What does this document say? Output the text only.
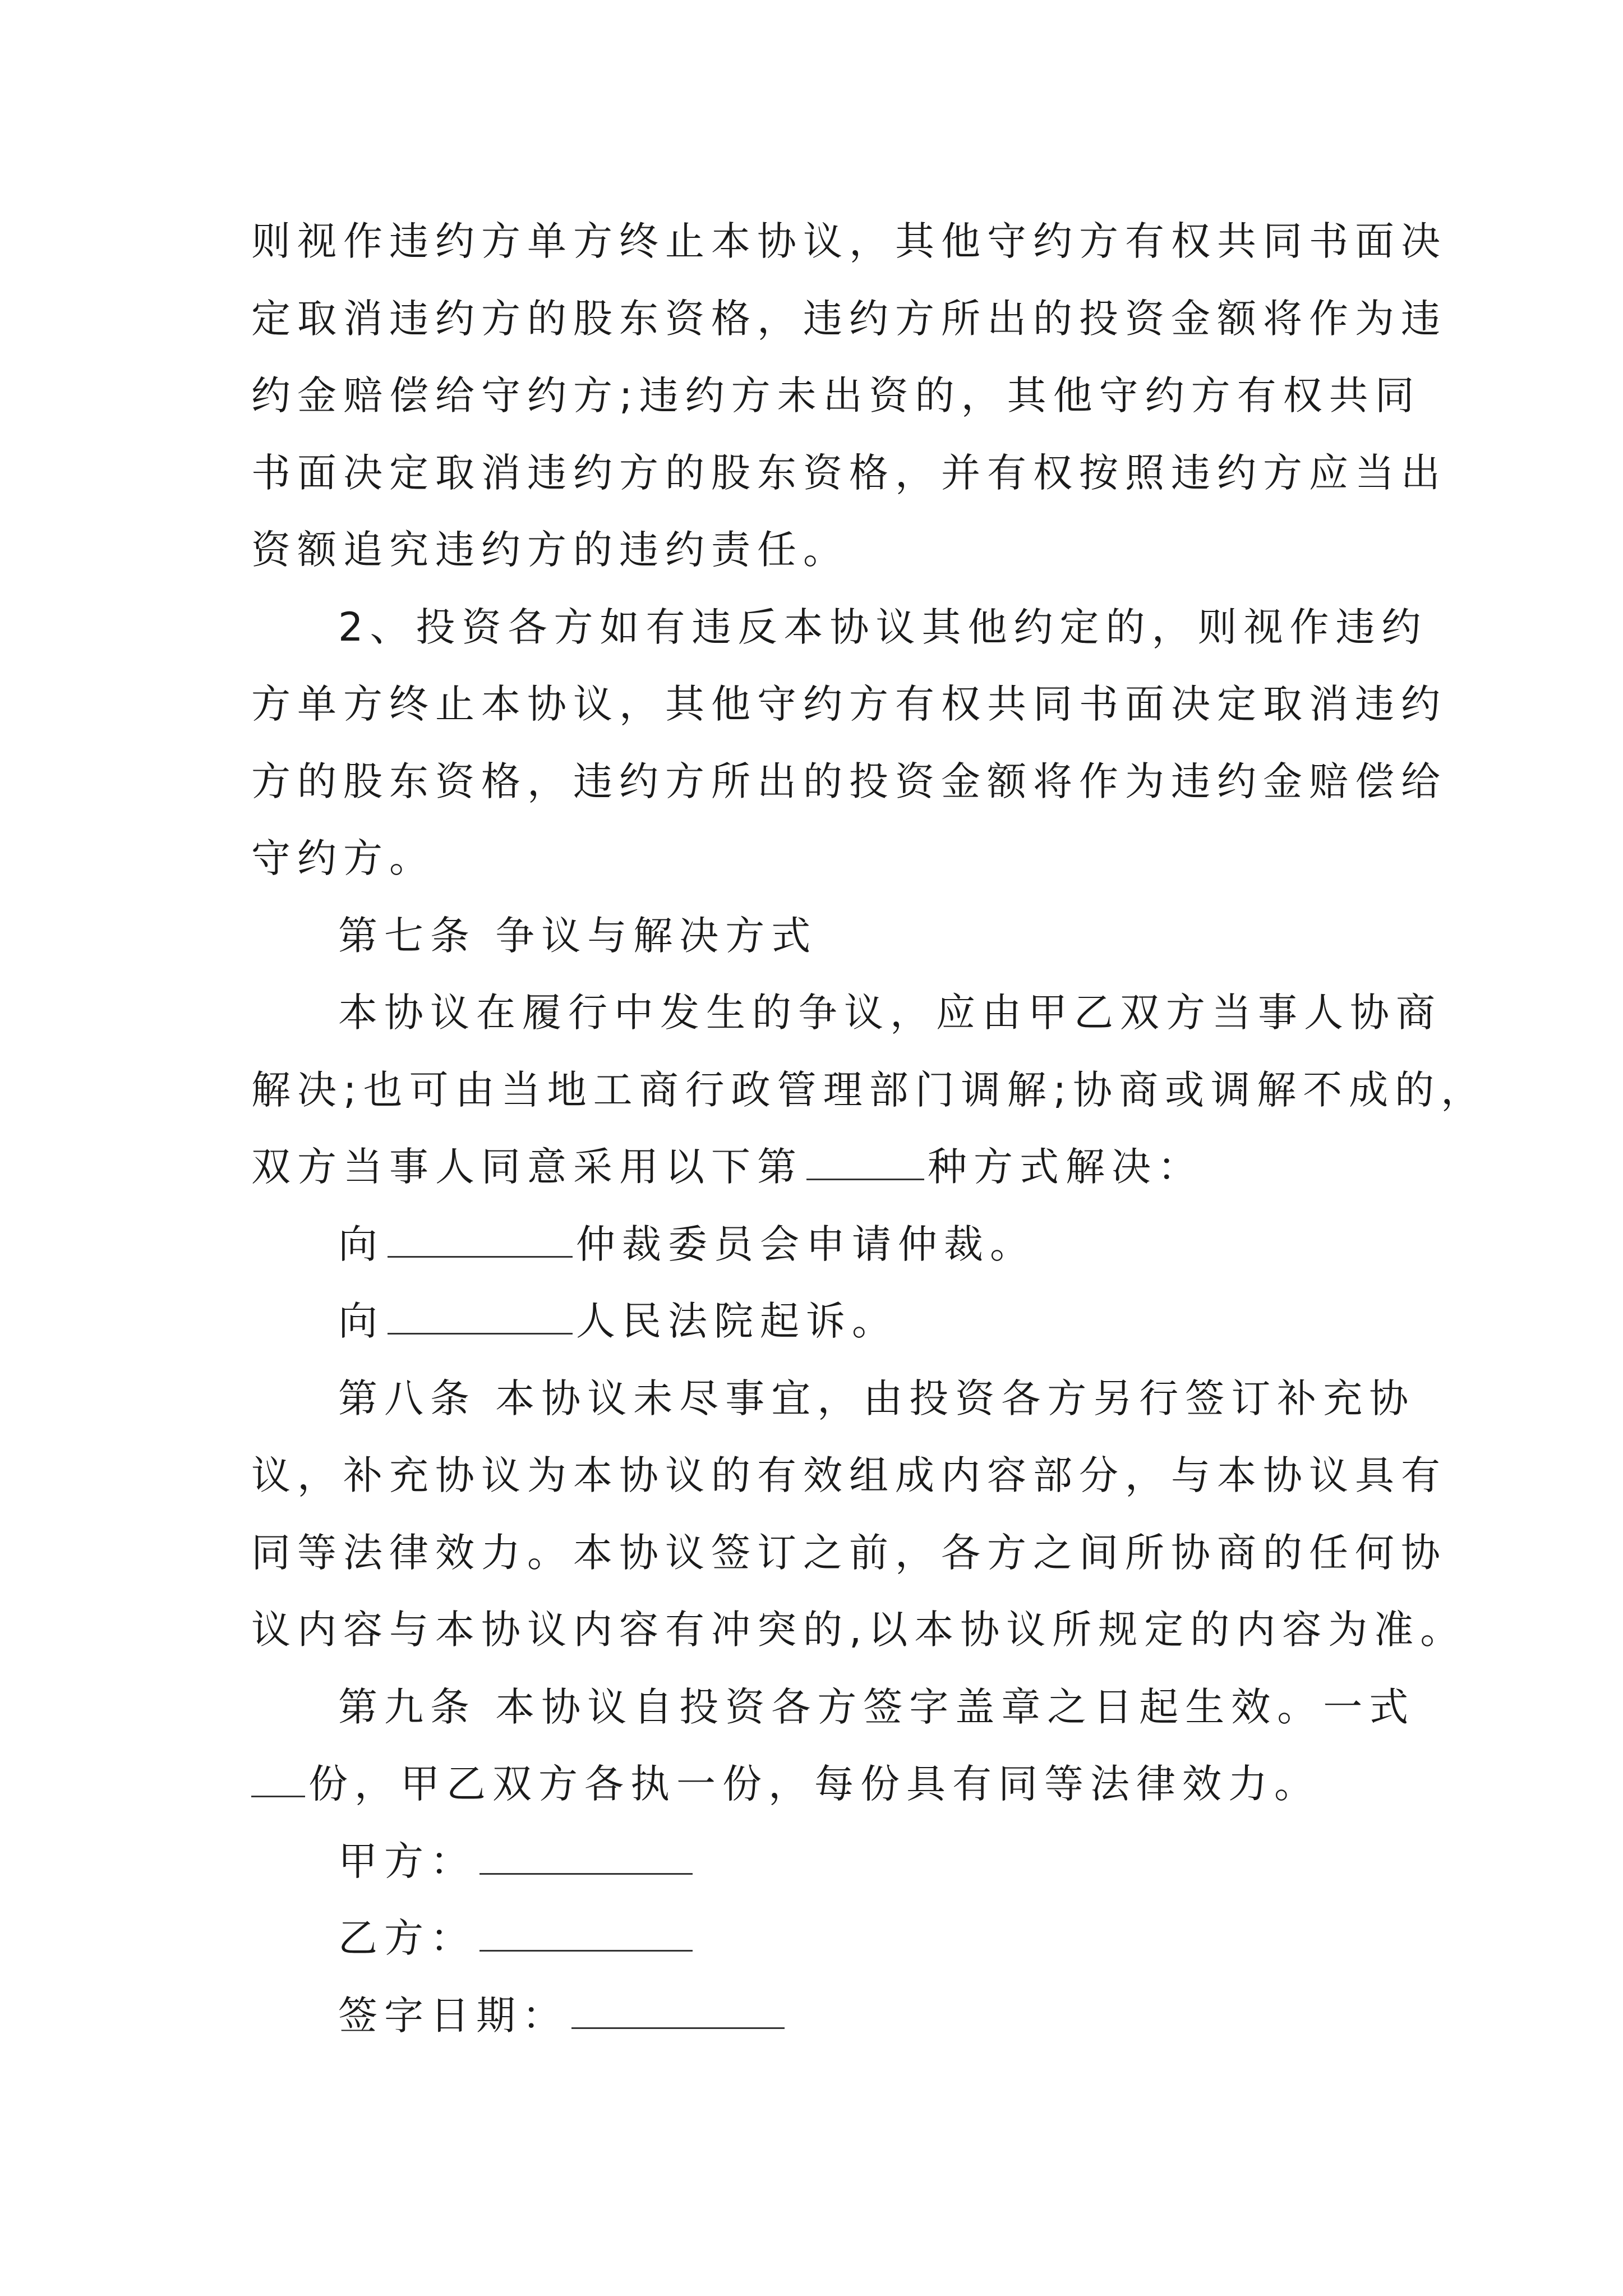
则视作违约方单方终止本协议，其他守约方有权共同书面决
定取消违约方的股东资格，违约方所出的投资金额将作为违
约金赔偿给守约方;违约方未出资的，其他守约方有权共同
书面决定取消违约方的股东资格，并有权按照违约方应当出
资额追究违约方的违约责任。
2、投资各方如有违反本协议其他约定的，则视作违约
方单方终止本协议，其他守约方有权共同书面决定取消违约
方的股东资格，违约方所出的投资金额将作为违约金赔偿给
守约方。
第七条 争议与解决方式
本协议在履行中发生的争议，应由甲乙双方当事人协商
解决;也可由当地工商行政管理部门调解;协商或调解不成的，
双方当事人同意采用以下第	种方式解决：
向	仲裁委员会申请仲裁。
向	人民法院起诉。
第八条 本协议未尽事宜，由投资各方另行签订补充协
议，补充协议为本协议的有效组成内容部分，与本协议具有
同等法律效力。本协议签订之前，各方之间所协商的任何协
议内容与本协议内容有冲突的,以本协议所规定的内容为准。
第九条 本协议自投资各方签字盖章之日起生效。一式
份，甲乙双方各执一份，每份具有同等法律效力。
甲方：
乙方：
签字日期：
